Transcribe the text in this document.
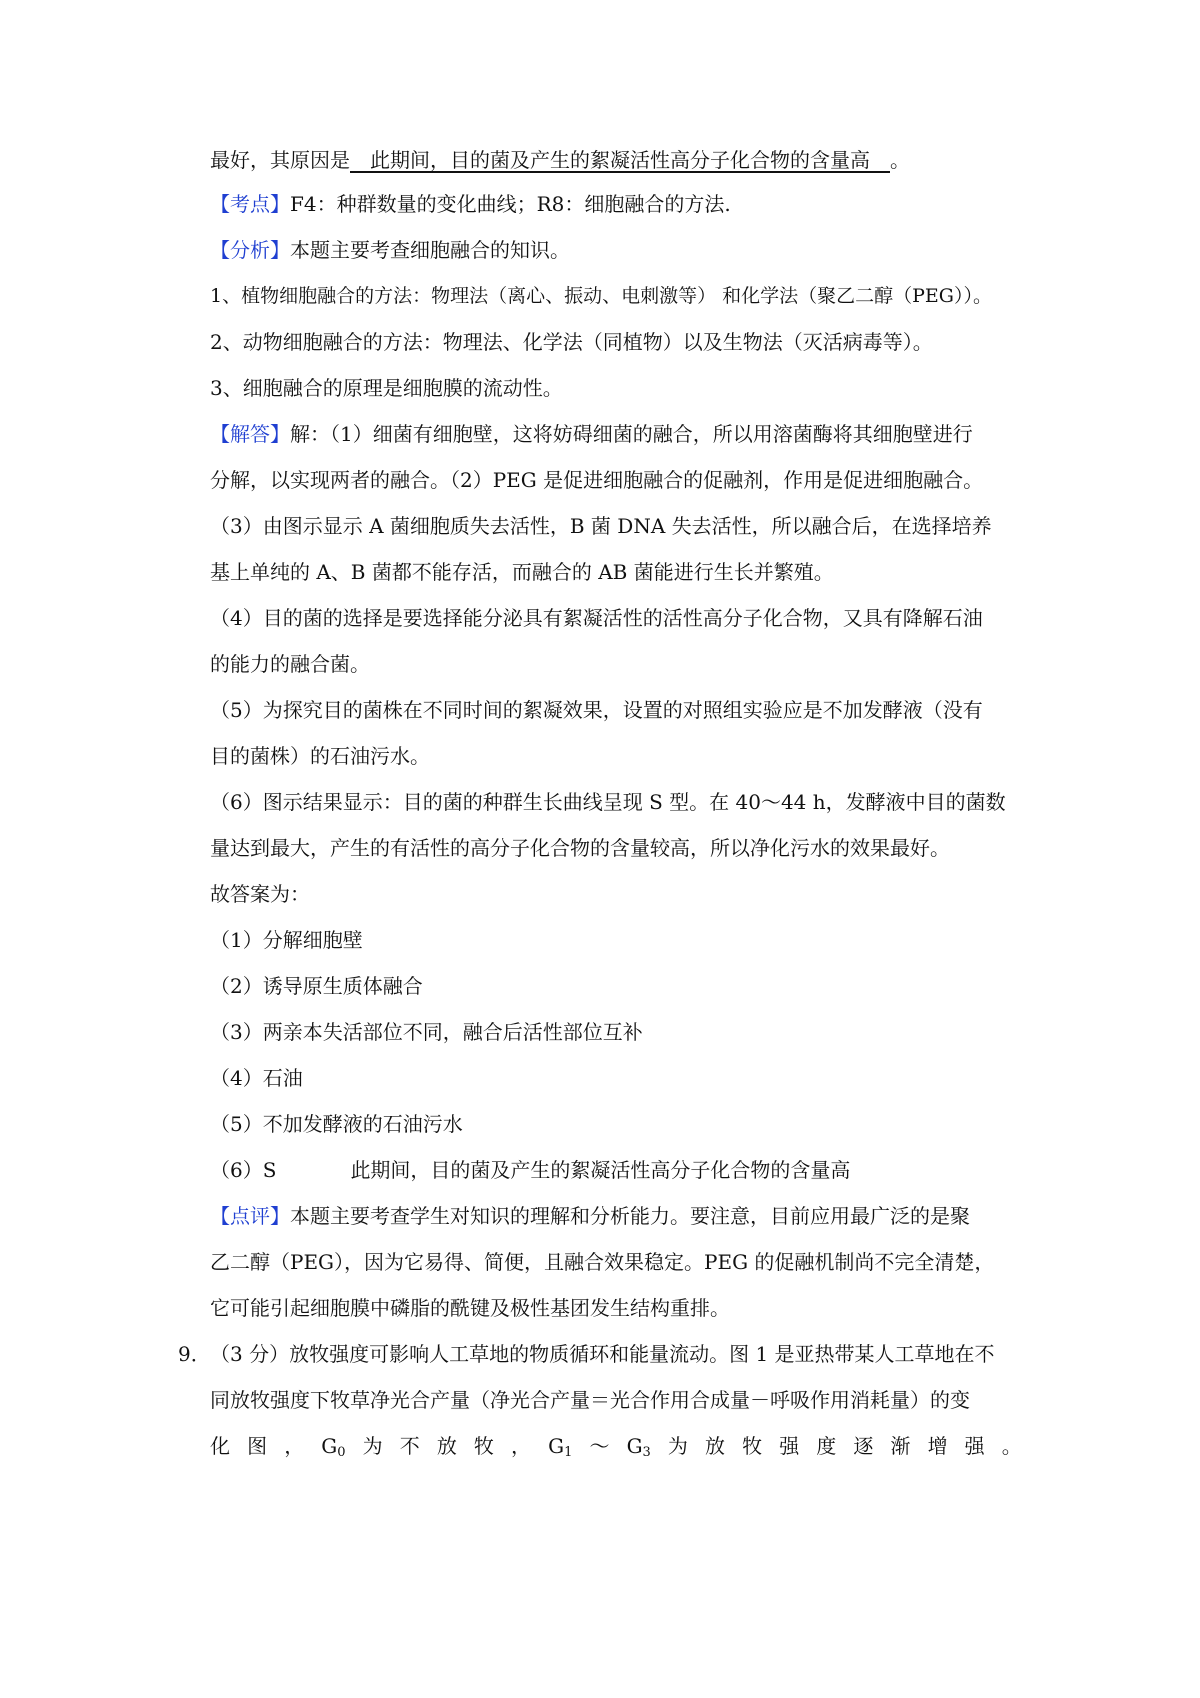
最好，其原因是　此期间，目的菌及产生的絮凝活性高分子化合物的含量高　。
【考点】F4：种群数量的变化曲线；R8：细胞融合的方法.
【分析】本题主要考查细胞融合的知识。
1、植物细胞融合的方法：物理法（离心、振动、电刺激等） 和化学法（聚乙二醇（PEG））。
2、动物细胞融合的方法：物理法、化学法（同植物）以及生物法（灭活病毒等）。
3、细胞融合的原理是细胞膜的流动性。
【解答】解：（1）细菌有细胞壁，这将妨碍细菌的融合，所以用溶菌酶将其细胞壁进行
分解，以实现两者的融合。（2）PEG 是促进细胞融合的促融剂，作用是促进细胞融合。
（3）由图示显示 A 菌细胞质失去活性，B 菌 DNA 失去活性，所以融合后，在选择培养
基上单纯的 A、B 菌都不能存活，而融合的 AB 菌能进行生长并繁殖。
（4）目的菌的选择是要选择能分泌具有絮凝活性的活性高分子化合物，又具有降解石油
的能力的融合菌。
（5）为探究目的菌株在不同时间的絮凝效果，设置的对照组实验应是不加发酵液（没有
目的菌株）的石油污水。
（6）图示结果显示：目的菌的种群生长曲线呈现 S 型。在 40～44 h，发酵液中目的菌数
量达到最大，产生的有活性的高分子化合物的含量较高，所以净化污水的效果最好。
故答案为：
（1）分解细胞壁
（2）诱导原生质体融合
（3）两亲本失活部位不同，融合后活性部位互补
（4）石油
（5）不加发酵液的石油污水
（6）S	此期间，目的菌及产生的絮凝活性高分子化合物的含量高
【点评】本题主要考查学生对知识的理解和分析能力。要注意，目前应用最广泛的是聚
乙二醇（PEG），因为它易得、简便，且融合效果稳定。PEG 的促融机制尚不完全清楚，
它可能引起细胞膜中磷脂的酰键及极性基团发生结构重排。
9． （3 分）放牧强度可影响人工草地的物质循环和能量流动。图 1 是亚热带某人工草地在不
同放牧强度下牧草净光合产量（净光合产量＝光合作用合成量－呼吸作用消耗量）的变
化 图 ， $G_0$ 为 不 放 牧 ， $G_1$ ～ $G_3$ 为 放 牧 强 度 逐 渐 增 强 。
